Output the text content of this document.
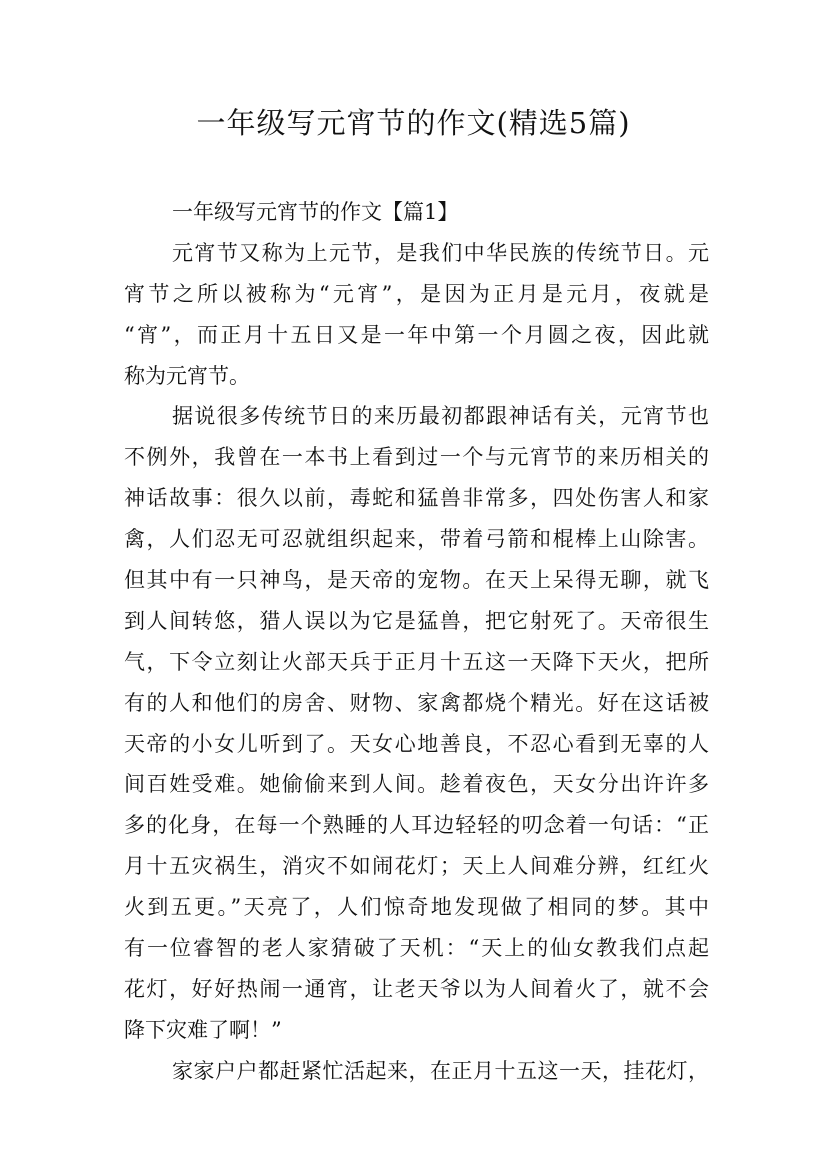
一年级写元宵节的作文(精选5篇)
一年级写元宵节的作文【篇1】
元宵节又称为上元节，是我们中华民族的传统节日。元
宵节之所以被称为“元宵”，是因为正月是元月，夜就是
“宵”，而正月十五日又是一年中第一个月圆之夜，因此就
称为元宵节。
据说很多传统节日的来历最初都跟神话有关，元宵节也
不例外，我曾在一本书上看到过一个与元宵节的来历相关的
神话故事：很久以前，毒蛇和猛兽非常多，四处伤害人和家
禽，人们忍无可忍就组织起来，带着弓箭和棍棒上山除害。
但其中有一只神鸟，是天帝的宠物。在天上呆得无聊，就飞
到人间转悠，猎人误以为它是猛兽，把它射死了。天帝很生
气，下令立刻让火部天兵于正月十五这一天降下天火，把所
有的人和他们的房舍、财物、家禽都烧个精光。好在这话被
天帝的小女儿听到了。天女心地善良，不忍心看到无辜的人
间百姓受难。她偷偷来到人间。趁着夜色，天女分出许许多
多的化身，在每一个熟睡的人耳边轻轻的叨念着一句话：“正
月十五灾祸生，消灾不如闹花灯；天上人间难分辨，红红火
火到五更。”天亮了，人们惊奇地发现做了相同的梦。其中
有一位睿智的老人家猜破了天机：“天上的仙女教我们点起
花灯，好好热闹一通宵，让老天爷以为人间着火了，就不会
降下灾难了啊！”
家家户户都赶紧忙活起来，在正月十五这一天，挂花灯，
